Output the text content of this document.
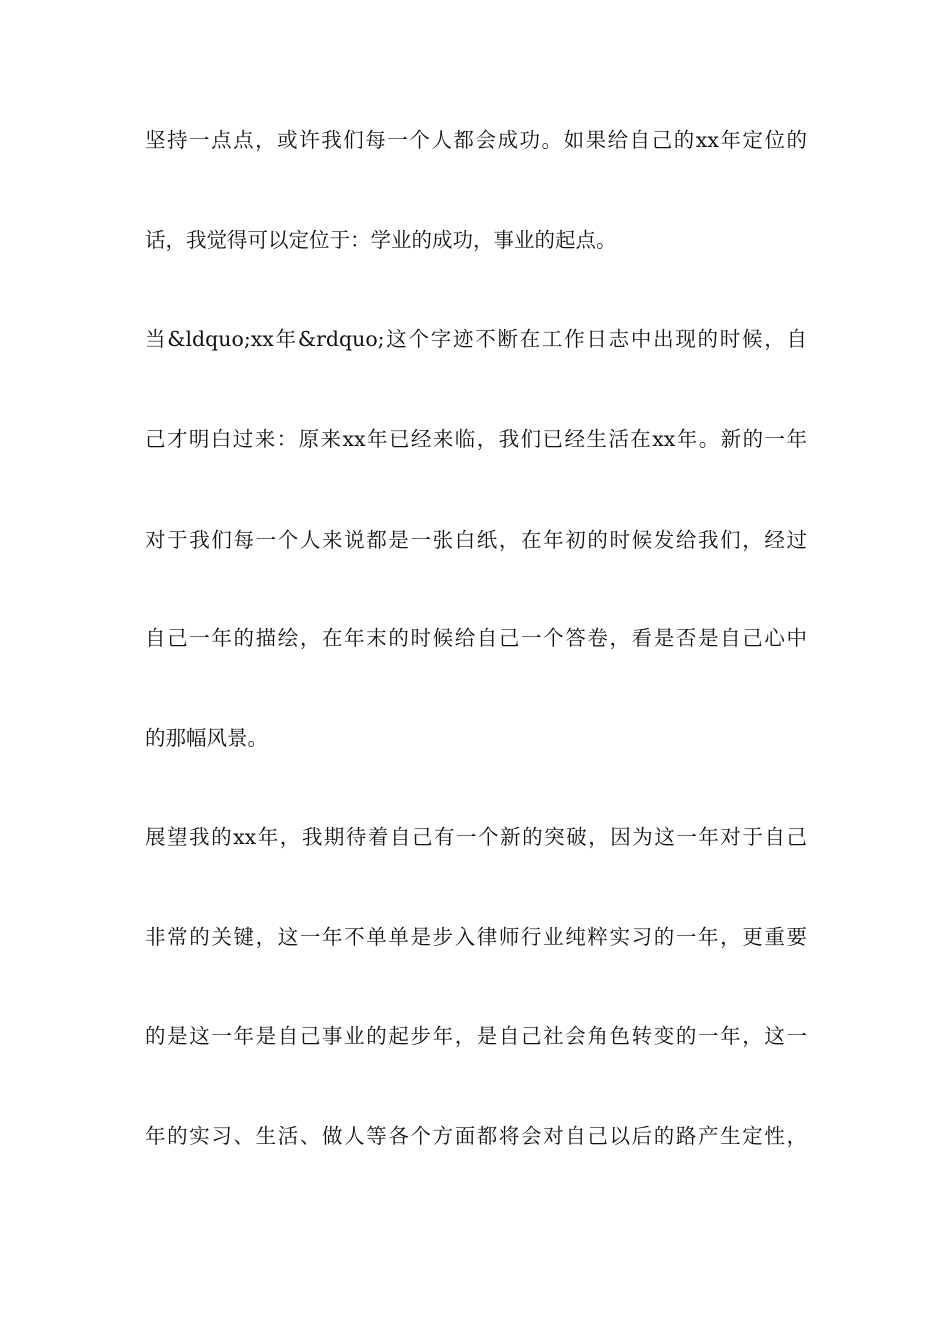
坚持一点点，或许我们每一个人都会成功。如果给自己的xx年定位的
话，我觉得可以定位于：学业的成功，事业的起点。
当&ldquo;xx年&rdquo;这个字迹不断在工作日志中出现的时候，自
己才明白过来：原来xx年已经来临，我们已经生活在xx年。新的一年
对于我们每一个人来说都是一张白纸，在年初的时候发给我们，经过
自己一年的描绘，在年末的时候给自己一个答卷，看是否是自己心中
的那幅风景。
展望我的xx年，我期待着自己有一个新的突破，因为这一年对于自己
非常的关键，这一年不单单是步入律师行业纯粹实习的一年，更重要
的是这一年是自己事业的起步年，是自己社会角色转变的一年，这一
年的实习、生活、做人等各个方面都将会对自己以后的路产生定性，
